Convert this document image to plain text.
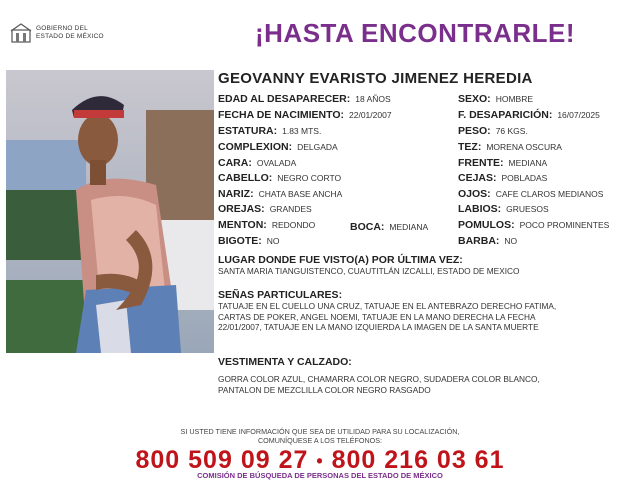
GOBIERNO DEL
ESTADO DE MÉXICO	¡HASTA ENCONTRARLE!
GEOVANNY EVARISTO JIMENEZ HEREDIA
EDAD AL DESAPARECER: 18 AÑOS
FECHA DE NACIMIENTO: 22/01/2007
ESTATURA: 1.83 MTS.
COMPLEXION: DELGADA
CARA: OVALADA
CABELLO: NEGRO CORTO
NARIZ: CHATA BASE ANCHA
OREJAS: GRANDES
MENTON: REDONDO	BOCA: MEDIANA
BIGOTE: NO
SEXO: HOMBRE
F. DESAPARICIÓN: 16/07/2025
PESO: 76 KGS.
TEZ: MORENA OSCURA
FRENTE: MEDIANA
CEJAS: POBLADAS
OJOS: CAFE CLAROS MEDIANOS
LABIOS: GRUESOS
POMULOS: POCO PROMINENTES
BARBA: NO
LUGAR DONDE FUE VISTO(A) POR ÚLTIMA VEZ:
SANTA MARIA TIANGUISTENCO, CUAUTITLÁN IZCALLI, ESTADO DE MEXICO
SEÑAS PARTICULARES:
TATUAJE EN EL CUELLO UNA CRUZ, TATUAJE EN EL ANTEBRAZO DERECHO FATIMA,
CARTAS DE POKER, ANGEL NOEMI, TATUAJE EN LA MANO DERECHA LA FECHA
22/01/2007, TATUAJE EN LA MANO IZQUIERDA LA IMAGEN DE LA SANTA MUERTE
VESTIMENTA Y CALZADO:
GORRA COLOR AZUL, CHAMARRA COLOR NEGRO, SUDADERA COLOR BLANCO,
PANTALON DE MEZCLILLA COLOR NEGRO RASGADO
SI USTED TIENE INFORMACIÓN QUE SEA DE UTILIDAD PARA SU LOCALIZACIÓN,
COMUNÍQUESE A LOS TELÉFONOS:
800 509 09 27 • 800 216 03 61
COMISIÓN DE BÚSQUEDA DE PERSONAS DEL ESTADO DE MÉXICO
